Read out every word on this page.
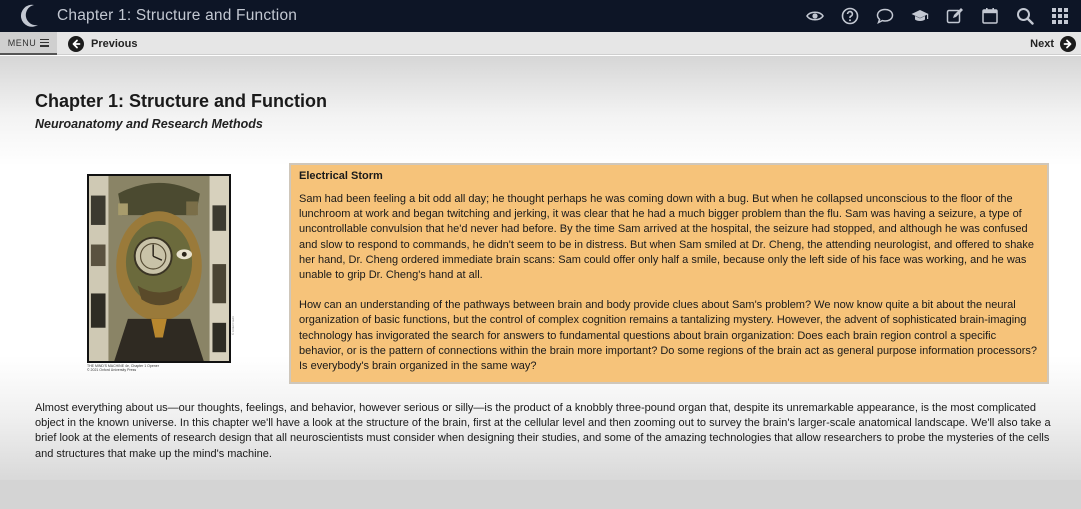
Chapter 1: Structure and Function
MENU	Previous	Next
Chapter 1: Structure and Function
Neuroanatomy and Research Methods
THE MIND'S MACHINE 4e, Chapter 1 Opener
© 2021 Oxford University Press
© Artist Credit
Electrical Storm

Sam had been feeling a bit odd all day; he thought perhaps he was coming down with a bug. But when he collapsed unconscious to the floor of the lunchroom at work and began twitching and jerking, it was clear that he had a much bigger problem than the flu. Sam was having a seizure, a type of uncontrollable convulsion that he'd never had before. By the time Sam arrived at the hospital, the seizure had stopped, and although he was confused and slow to respond to commands, he didn't seem to be in distress. But when Sam smiled at Dr. Cheng, the attending neurologist, and offered to shake her hand, Dr. Cheng ordered immediate brain scans: Sam could offer only half a smile, because only the left side of his face was working, and he was unable to grip Dr. Cheng's hand at all.

How can an understanding of the pathways between brain and body provide clues about Sam's problem? We now know quite a bit about the neural organization of basic functions, but the control of complex cognition remains a tantalizing mystery. However, the advent of sophisticated brain-imaging technology has invigorated the search for answers to fundamental questions about brain organization: Does each brain region control a specific behavior, or is the pattern of connections within the brain more important? Do some regions of the brain act as general purpose information processors? Is everybody's brain organized in the same way?

Almost everything about us—our thoughts, feelings, and behavior, however serious or silly—is the product of a knobbly three-pound organ that, despite its unremarkable appearance, is the most complicated object in the known universe. In this chapter we'll have a look at the structure of the brain, first at the cellular level and then zooming out to survey the brain's larger-scale anatomical landscape. We'll also take a brief look at the elements of research design that all neuroscientists must consider when designing their studies, and some of the amazing technologies that allow researchers to probe the mysteries of the cells and structures that make up the mind's machine.
